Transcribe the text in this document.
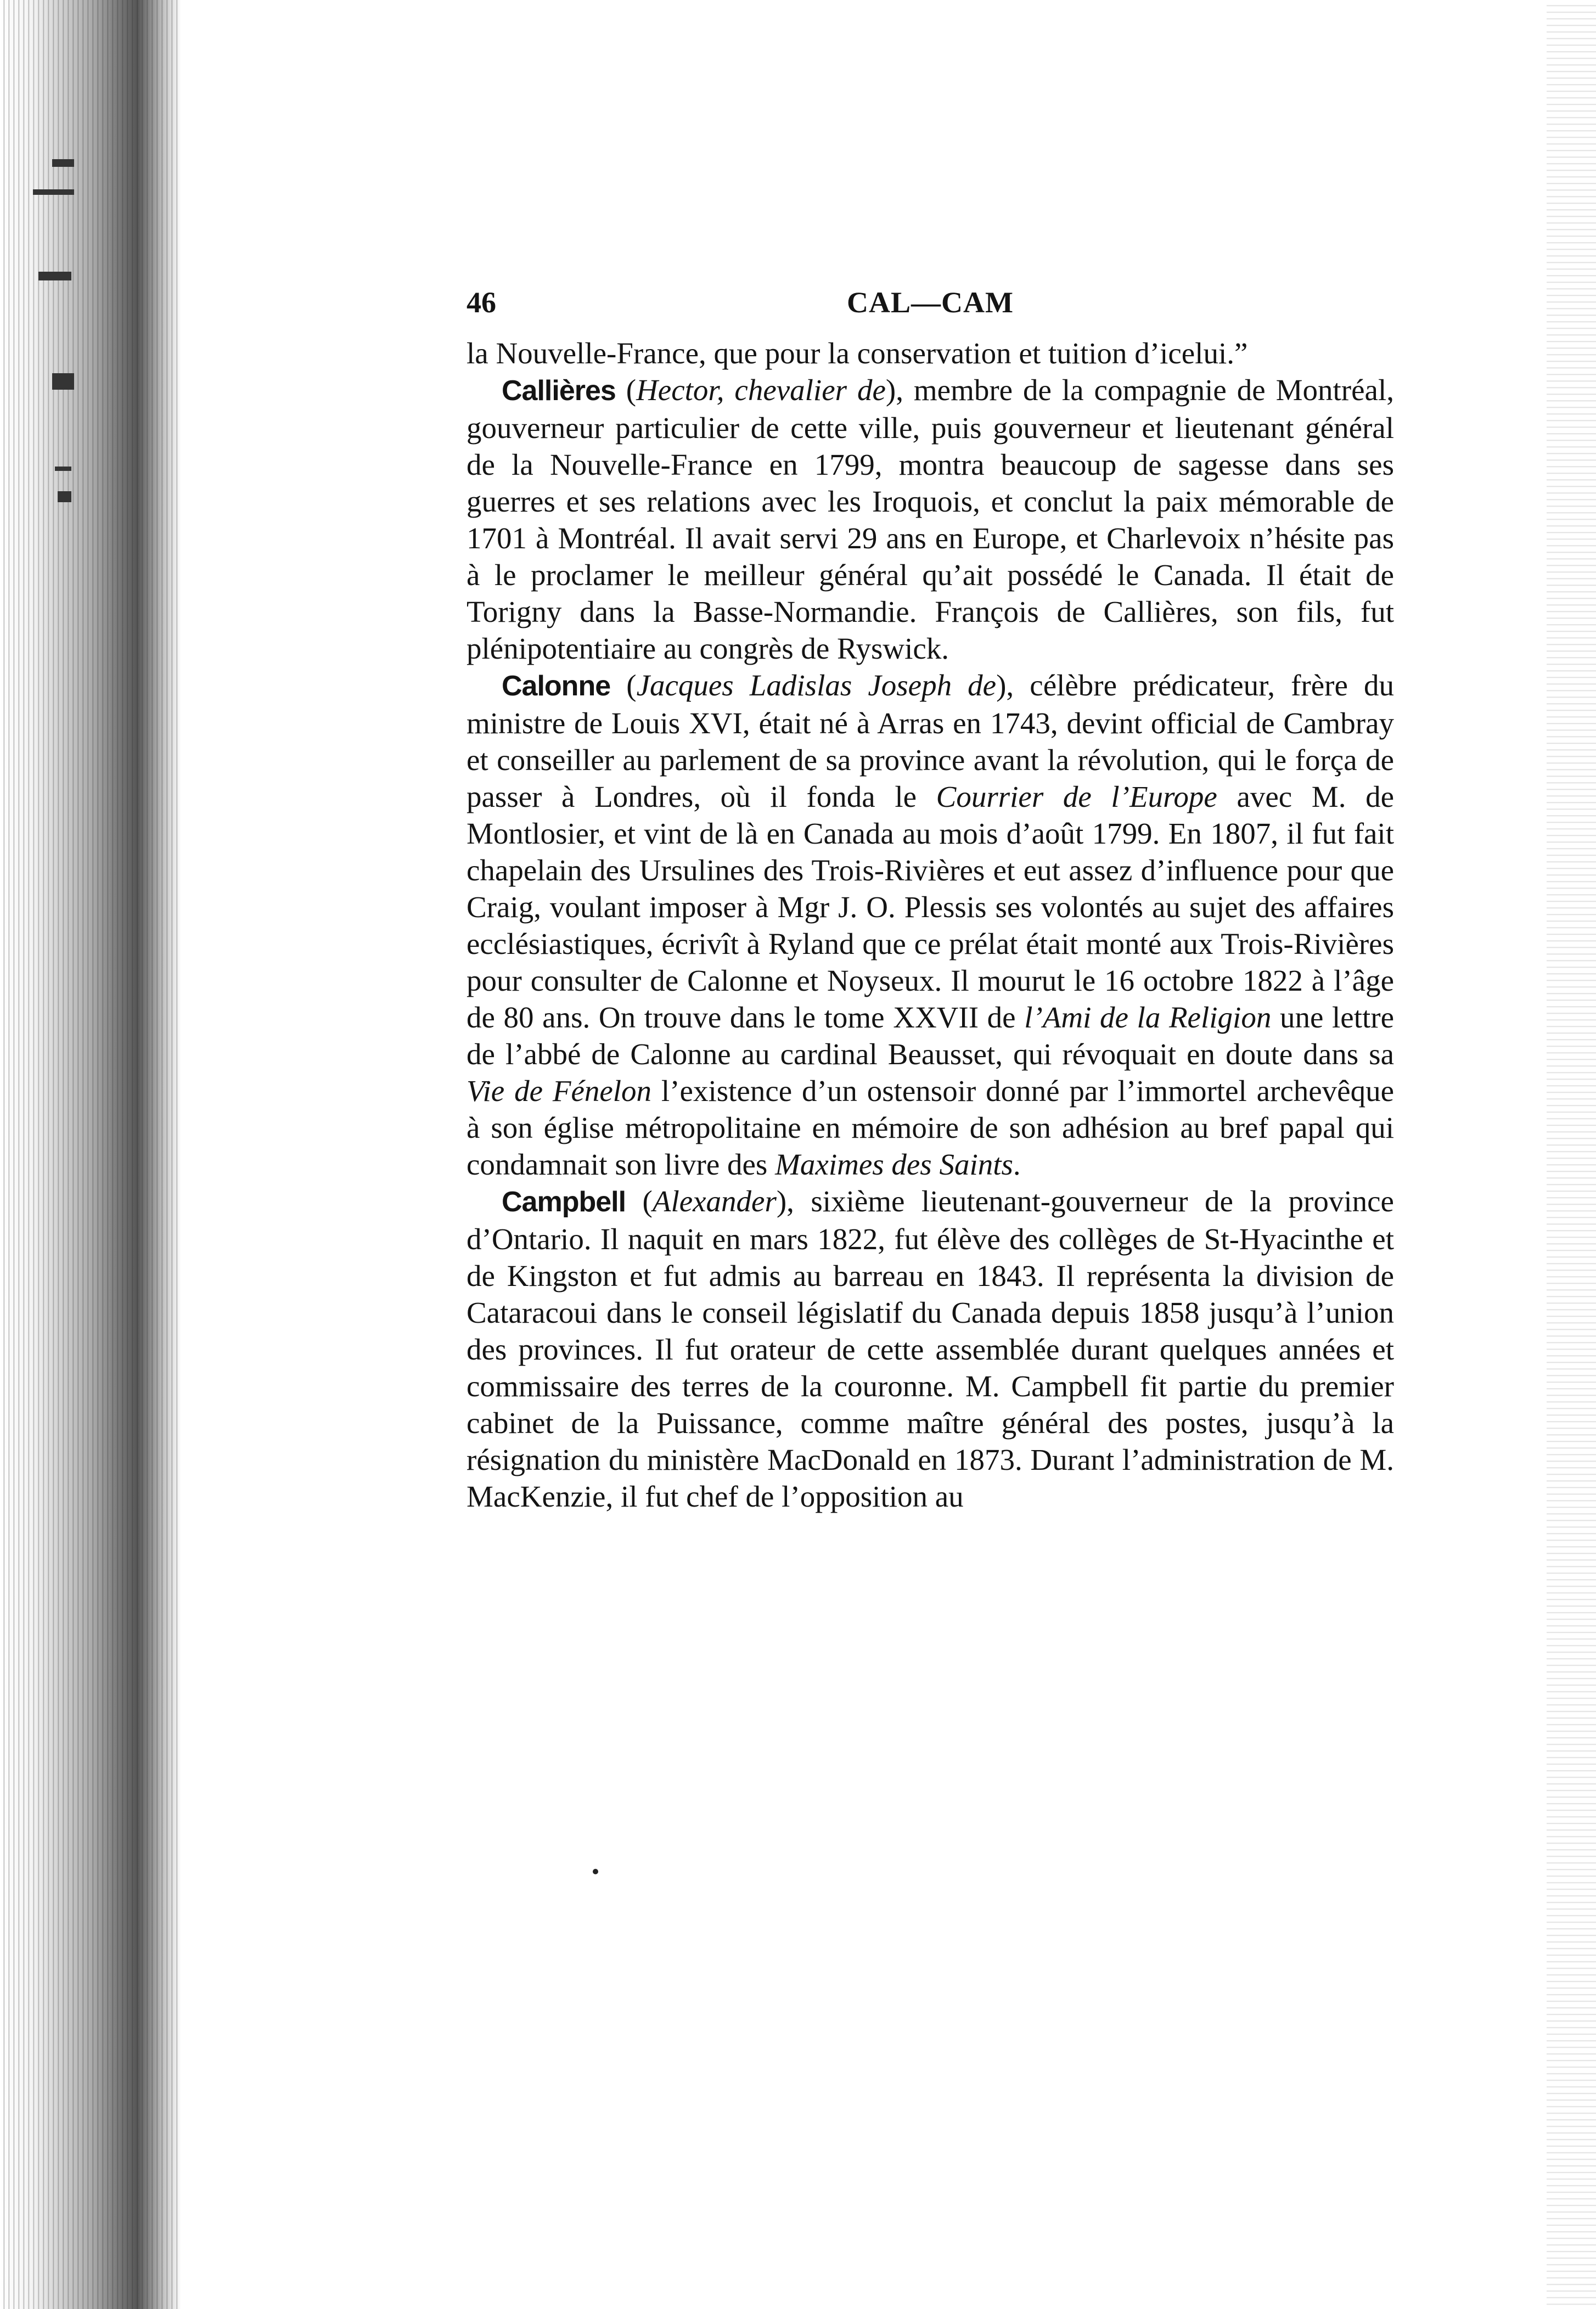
46	CAL—CAM

la Nouvelle-France, que pour la conservation et tuition d’icelui.”

Callières (Hector, chevalier de), membre de la compagnie de Montréal, gouverneur particulier de cette ville, puis gouverneur et lieutenant général de la Nouvelle-France en 1799, montra beaucoup de sagesse dans ses guerres et ses relations avec les Iroquois, et conclut la paix mémorable de 1701 à Montréal. Il avait servi 29 ans en Europe, et Charlevoix n’hésite pas à le proclamer le meilleur général qu’ait possédé le Canada. Il était de Torigny dans la Basse-Normandie. François de Callières, son fils, fut plénipotentiaire au congrès de Ryswick.

Calonne (Jacques Ladislas Joseph de), célèbre prédicateur, frère du ministre de Louis XVI, était né à Arras en 1743, devint official de Cambray et conseiller au parlement de sa province avant la révolution, qui le força de passer à Londres, où il fonda le Courrier de l’Europe avec M. de Montlosier, et vint de là en Canada au mois d’août 1799. En 1807, il fut fait chapelain des Ursulines des Trois-Rivières et eut assez d’influence pour que Craig, voulant imposer à Mgr J. O. Plessis ses volontés au sujet des affaires ecclésiastiques, écrivît à Ryland que ce prélat était monté aux Trois-Rivières pour consulter de Calonne et Noyseux. Il mourut le 16 octobre 1822 à l’âge de 80 ans. On trouve dans le tome XXVII de l’Ami de la Religion une lettre de l’abbé de Calonne au cardinal Beausset, qui révoquait en doute dans sa Vie de Fénelon l’existence d’un ostensoir donné par l’immortel archevêque à son église métropolitaine en mémoire de son adhésion au bref papal qui condamnait son livre des Maximes des Saints.

Campbell (Alexander), sixième lieutenant-gouverneur de la province d’Ontario. Il naquit en mars 1822, fut élève des collèges de St-Hyacinthe et de Kingston et fut admis au barreau en 1843. Il représenta la division de Cataracoui dans le conseil législatif du Canada depuis 1858 jusqu’à l’union des provinces. Il fut orateur de cette assemblée durant quelques années et commissaire des terres de la couronne. M. Campbell fit partie du premier cabinet de la Puissance, comme maître général des postes, jusqu’à la résignation du ministère MacDonald en 1873. Durant l’administration de M. MacKenzie, il fut chef de l’opposition au
